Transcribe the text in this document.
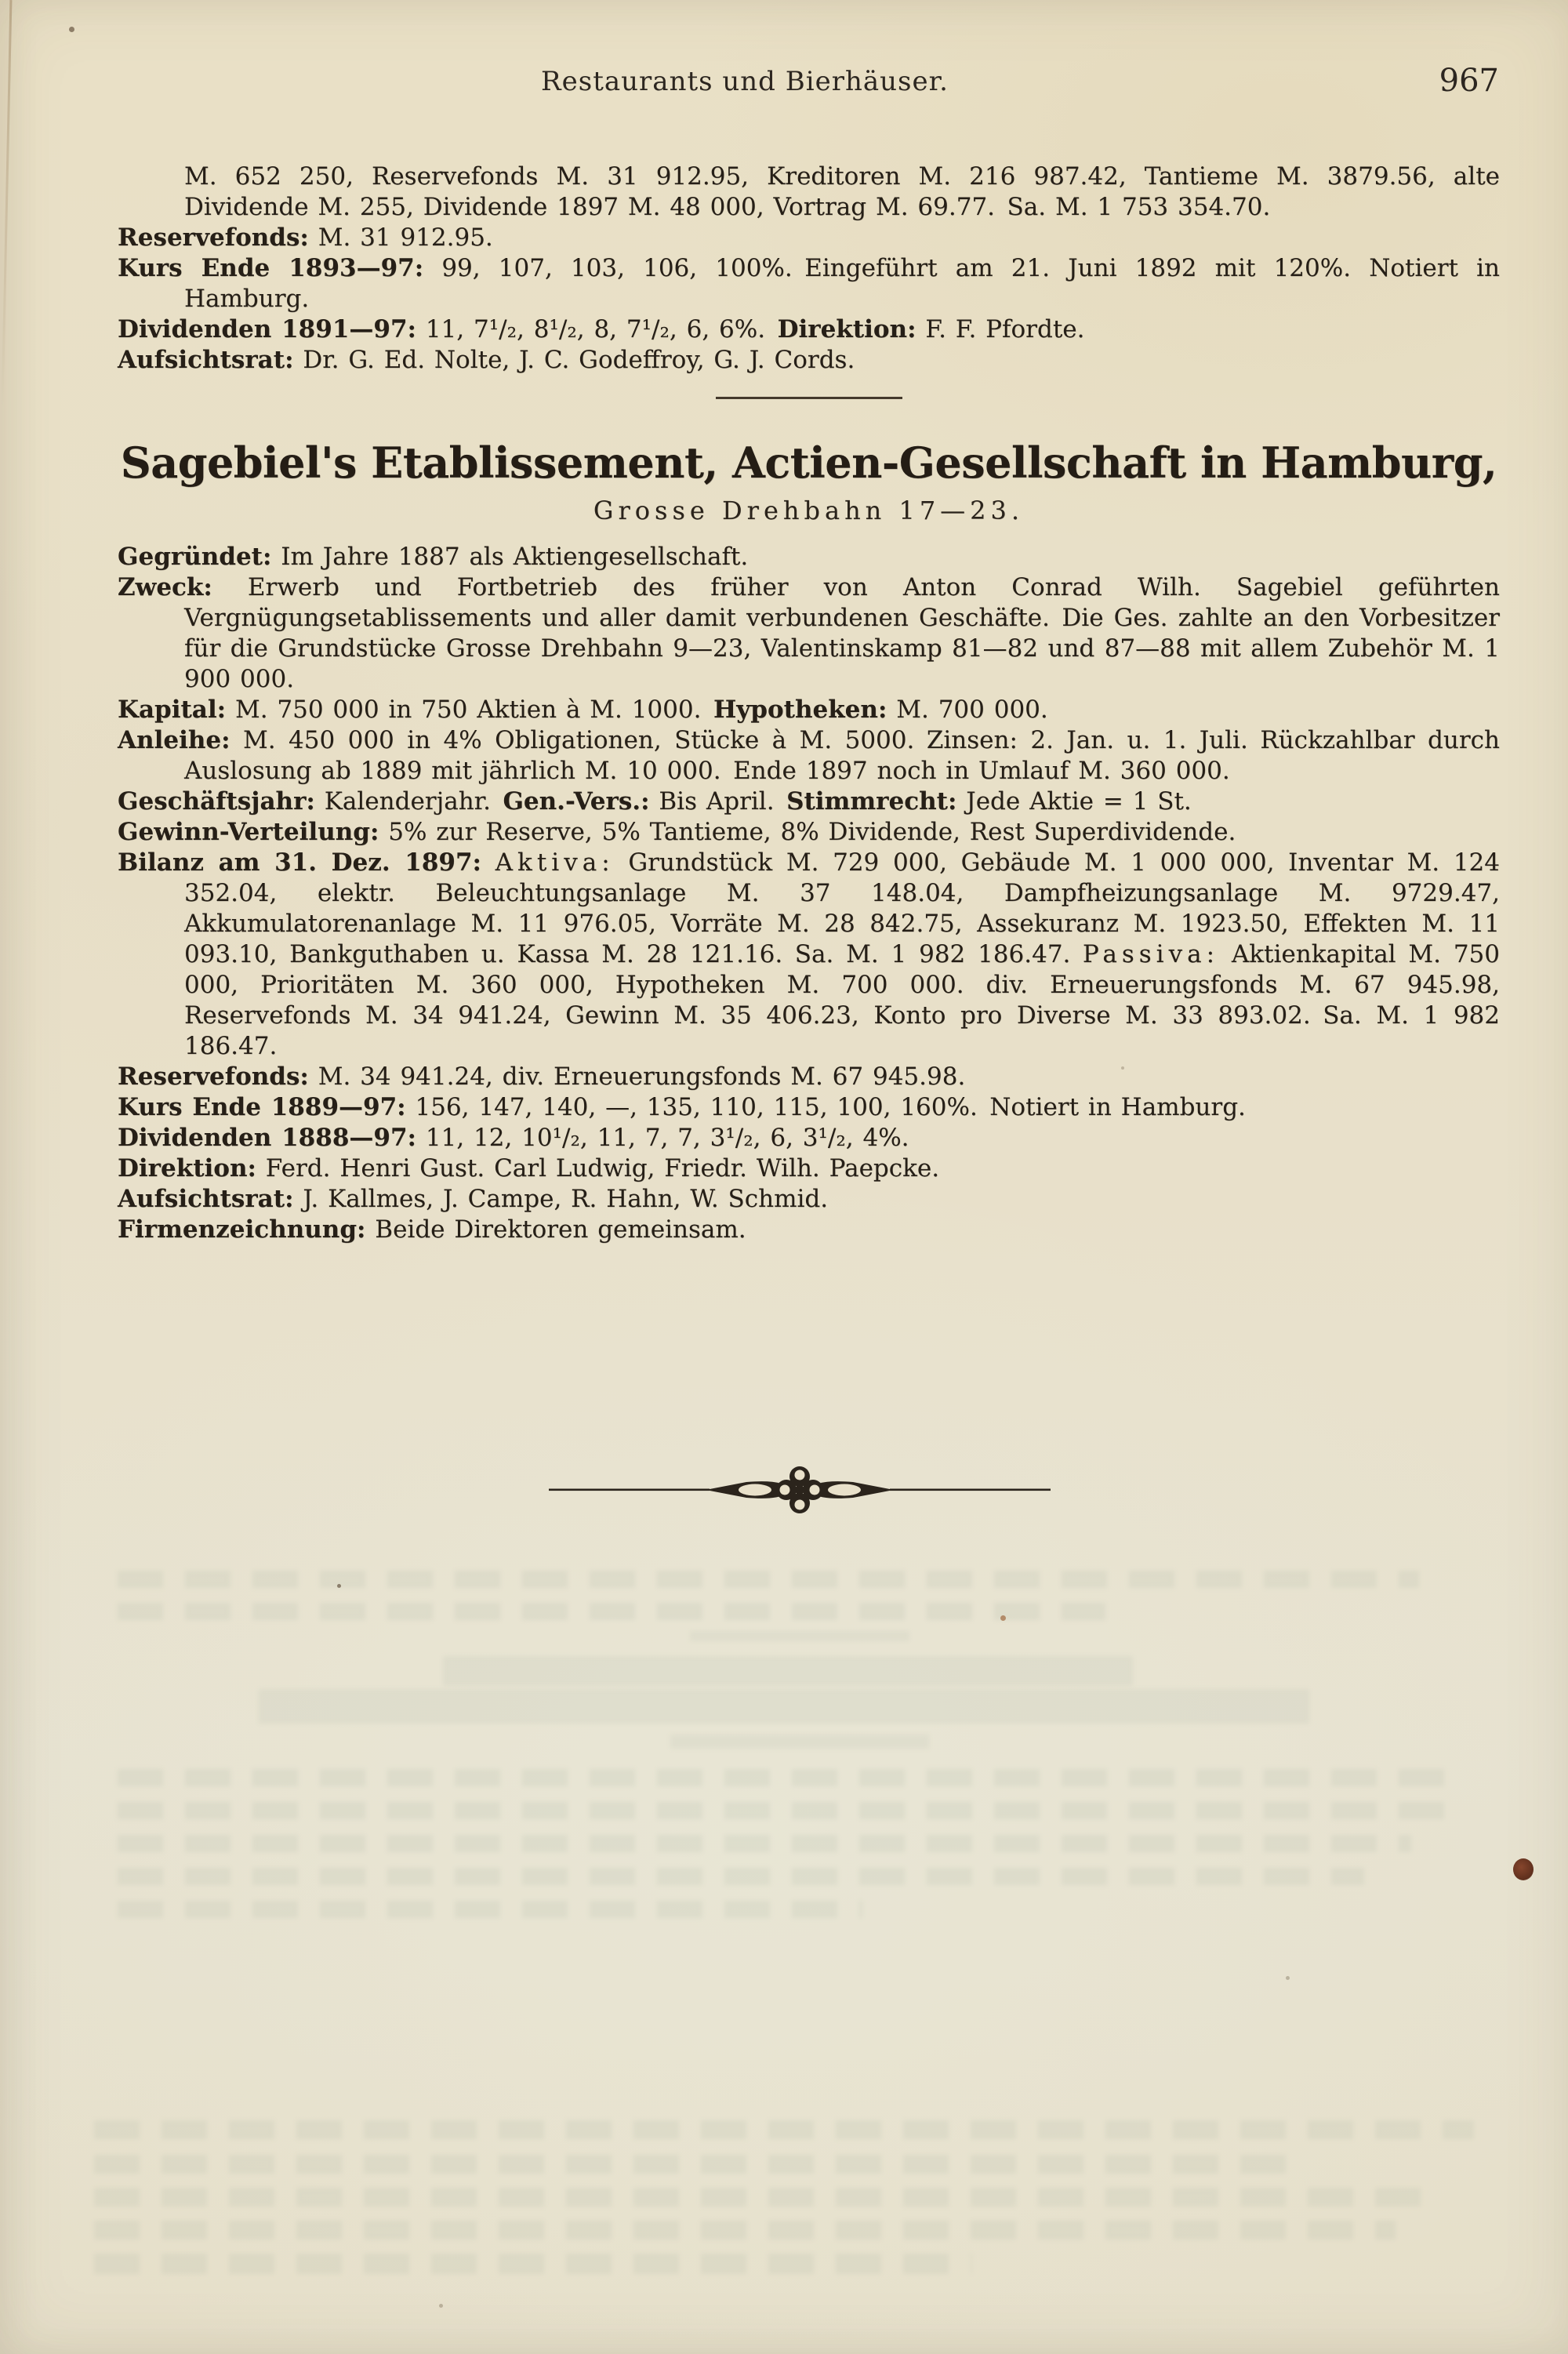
Restaurants und Bierhäuser.	967

M. 652 250, Reservefonds M. 31 912.95, Kreditoren M. 216 987.42, Tantieme M. 3879.56, alte Dividende M. 255, Dividende 1897 M. 48 000, Vortrag M. 69.77. Sa. M. 1 753 354.70.

Reservefonds: M. 31 912.95.

Kurs Ende 1893—97: 99, 107, 103, 106, 100%. Eingeführt am 21. Juni 1892 mit 120%. Notiert in Hamburg.

Dividenden 1891—97: 11, 7¹/₂, 8¹/₂, 8, 7¹/₂, 6, 6%. Direktion: F. F. Pfordte.

Aufsichtsrat: Dr. G. Ed. Nolte, J. C. Godeffroy, G. J. Cords.

Sagebiel's Etablissement, Actien-Gesellschaft in Hamburg,
Grosse Drehbahn 17—23.

Gegründet: Im Jahre 1887 als Aktiengesellschaft.

Zweck: Erwerb und Fortbetrieb des früher von Anton Conrad Wilh. Sagebiel geführten Vergnügungsetablissements und aller damit verbundenen Geschäfte. Die Ges. zahlte an den Vorbesitzer für die Grundstücke Grosse Drehbahn 9—23, Valentinskamp 81—82 und 87—88 mit allem Zubehör M. 1 900 000.

Kapital: M. 750 000 in 750 Aktien à M. 1000. Hypotheken: M. 700 000.

Anleihe: M. 450 000 in 4% Obligationen, Stücke à M. 5000. Zinsen: 2. Jan. u. 1. Juli. Rückzahlbar durch Auslosung ab 1889 mit jährlich M. 10 000. Ende 1897 noch in Umlauf M. 360 000.

Geschäftsjahr: Kalenderjahr. Gen.-Vers.: Bis April. Stimmrecht: Jede Aktie = 1 St.

Gewinn-Verteilung: 5% zur Reserve, 5% Tantieme, 8% Dividende, Rest Superdividende.

Bilanz am 31. Dez. 1897: Aktiva: Grundstück M. 729 000, Gebäude M. 1 000 000, Inventar M. 124 352.04, elektr. Beleuchtungsanlage M. 37 148.04, Dampfheizungsanlage M. 9729.47, Akkumulatorenanlage M. 11 976.05, Vorräte M. 28 842.75, Assekuranz M. 1923.50, Effekten M. 11 093.10, Bankguthaben u. Kassa M. 28 121.16. Sa. M. 1 982 186.47. Passiva: Aktienkapital M. 750 000, Prioritäten M. 360 000, Hypotheken M. 700 000. div. Erneuerungsfonds M. 67 945.98, Reservefonds M. 34 941.24, Gewinn M. 35 406.23, Konto pro Diverse M. 33 893.02. Sa. M. 1 982 186.47.

Reservefonds: M. 34 941.24, div. Erneuerungsfonds M. 67 945.98.

Kurs Ende 1889—97: 156, 147, 140, —, 135, 110, 115, 100, 160%. Notiert in Hamburg.

Dividenden 1888—97: 11, 12, 10¹/₂, 11, 7, 7, 3¹/₂, 6, 3¹/₂, 4%.

Direktion: Ferd. Henri Gust. Carl Ludwig, Friedr. Wilh. Paepcke.

Aufsichtsrat: J. Kallmes, J. Campe, R. Hahn, W. Schmid.

Firmenzeichnung: Beide Direktoren gemeinsam.
